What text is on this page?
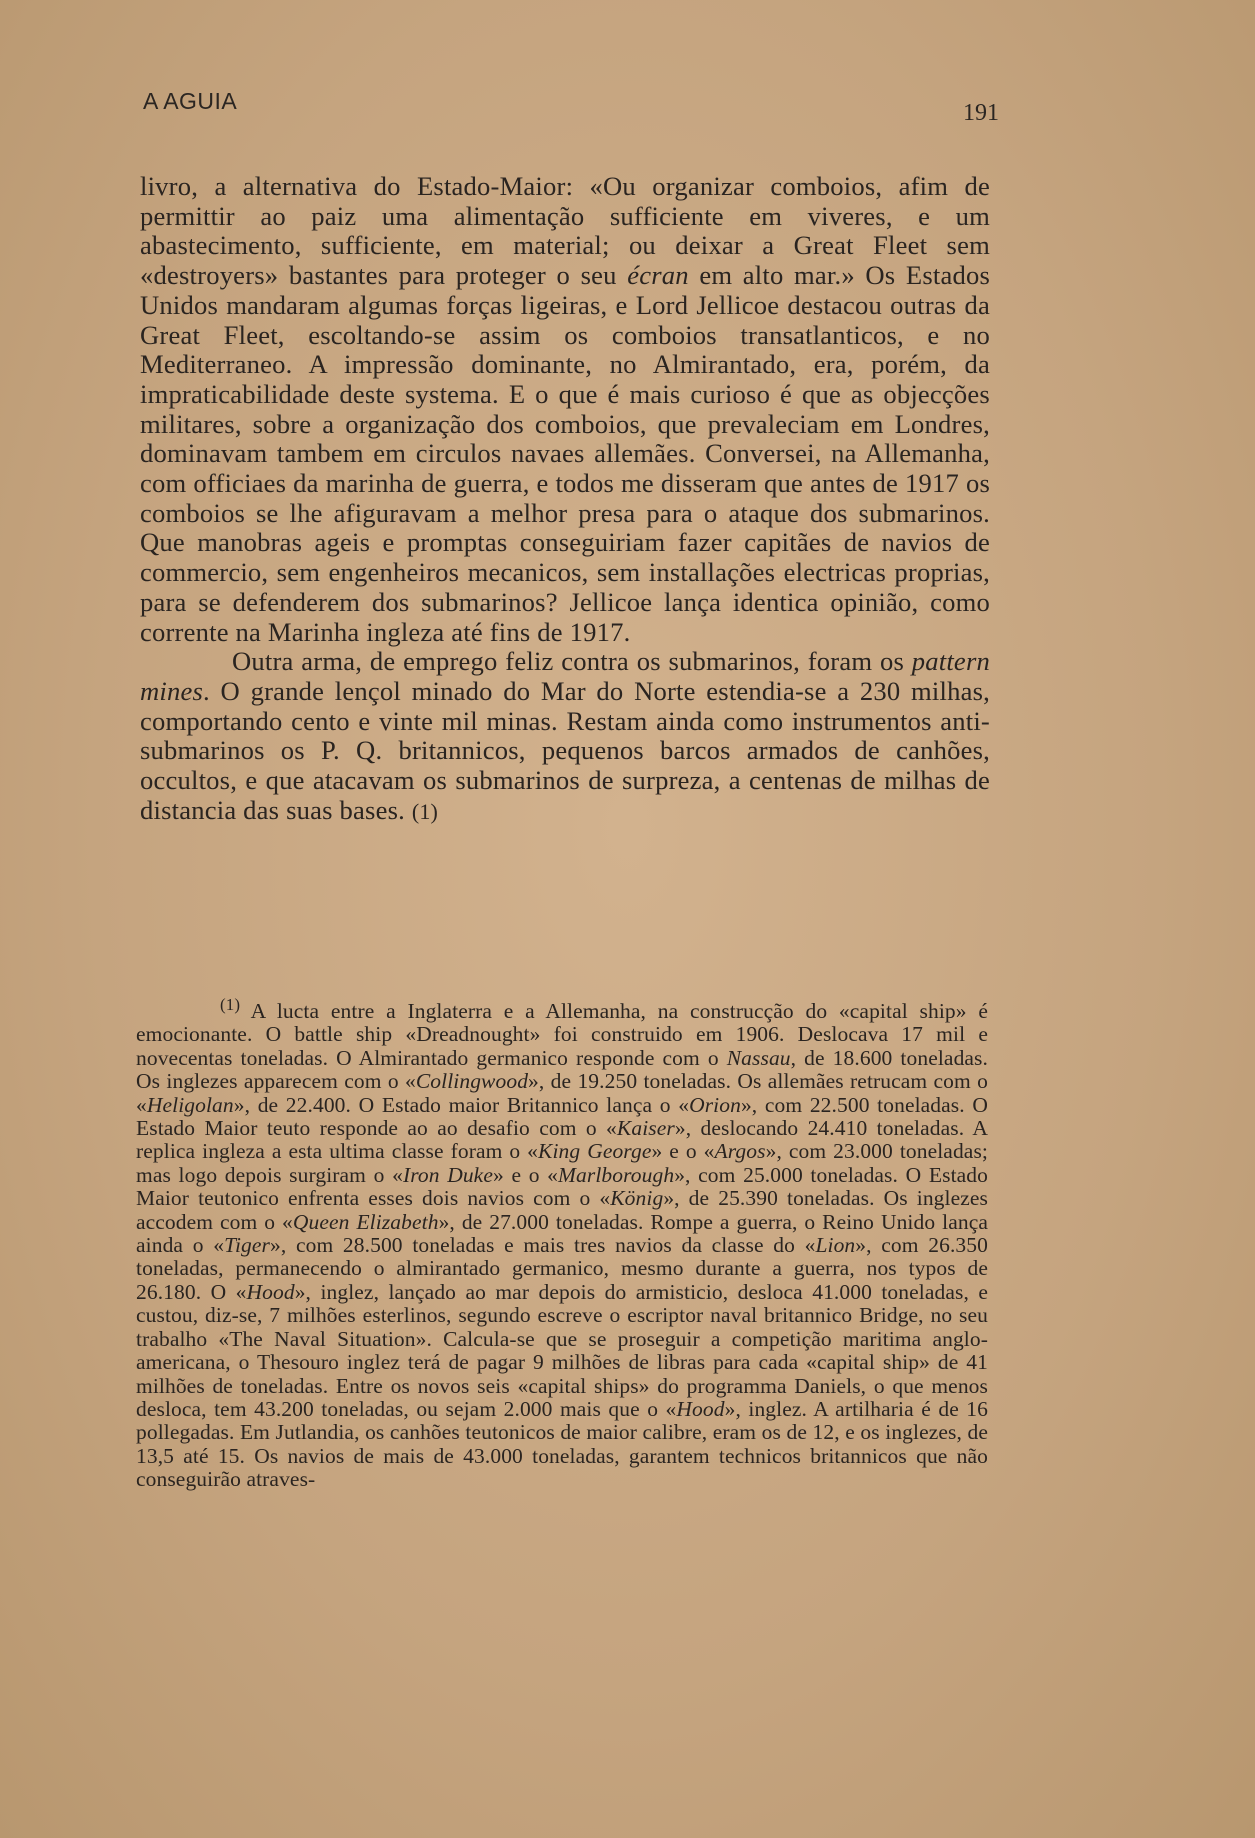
A AGUIA	191

livro, a alternativa do Estado-Maior: «Ou organizar comboios, afim de permittir ao paiz uma alimentação sufficiente em viveres, e um abastecimento, sufficiente, em material; ou deixar a Great Fleet sem «destroyers» bastantes para proteger o seu écran em alto mar.» Os Estados Unidos mandaram algumas forças ligeiras, e Lord Jellicoe destacou outras da Great Fleet, escoltando-se assim os comboios transatlanticos, e no Mediterraneo. A impressão dominante, no Almirantado, era, porém, da impraticabilidade deste systema. E o que é mais curioso é que as objecções militares, sobre a organização dos comboios, que prevaleciam em Londres, dominavam tambem em circulos navaes allemães. Conversei, na Allemanha, com officiaes da marinha de guerra, e todos me disseram que antes de 1917 os comboios se lhe afiguravam a melhor presa para o ataque dos submarinos. Que manobras ageis e promptas conseguiriam fazer capitães de navios de commercio, sem engenheiros mecanicos, sem installações electricas proprias, para se defenderem dos submarinos? Jellicoe lança identica opinião, como corrente na Marinha ingleza até fins de 1917.

Outra arma, de emprego feliz contra os submarinos, foram os pattern mines. O grande lençol minado do Mar do Norte estendia-se a 230 milhas, comportando cento e vinte mil minas. Restam ainda como instrumentos anti-submarinos os P. Q. britannicos, pequenos barcos armados de canhões, occultos, e que atacavam os submarinos de surpreza, a centenas de milhas de distancia das suas bases. (1)

$^{(1)}$ A lucta entre a Inglaterra e a Allemanha, na construcção do «capital ship» é emocionante. O battle ship «Dreadnought» foi construido em 1906. Deslocava 17 mil e novecentas toneladas. O Almirantado germanico responde com o Nassau, de 18.600 toneladas. Os inglezes apparecem com o «Collingwood», de 19.250 toneladas. Os allemães retrucam com o «Heligolan», de 22.400. O Estado maior Britannico lança o «Orion», com 22.500 toneladas. O Estado Maior teuto responde ao ao desafio com o «Kaiser», deslocando 24.410 toneladas. A replica ingleza a esta ultima classe foram o «King George» e o «Argos», com 23.000 toneladas; mas logo depois surgiram o «Iron Duke» e o «Marlborough», com 25.000 toneladas. O Estado Maior teutonico enfrenta esses dois navios com o «König», de 25.390 toneladas. Os inglezes accodem com o «Queen Elizabeth», de 27.000 toneladas. Rompe a guerra, o Reino Unido lança ainda o «Tiger», com 28.500 toneladas e mais tres navios da classe do «Lion», com 26.350 toneladas, permanecendo o almirantado germanico, mesmo durante a guerra, nos typos de 26.180. O «Hood», inglez, lançado ao mar depois do armisticio, desloca 41.000 toneladas, e custou, diz-se, 7 milhões esterlinos, segundo escreve o escriptor naval britannico Bridge, no seu trabalho «The Naval Situation». Calcula-se que se proseguir a competição maritima anglo-americana, o Thesouro inglez terá de pagar 9 milhões de libras para cada «capital ship» de 41 milhões de toneladas. Entre os novos seis «capital ships» do programma Daniels, o que menos desloca, tem 43.200 toneladas, ou sejam 2.000 mais que o «Hood», inglez. A artilharia é de 16 pollegadas. Em Jutlandia, os canhões teutonicos de maior calibre, eram os de 12, e os inglezes, de 13,5 até 15. Os navios de mais de 43.000 toneladas, garantem technicos britannicos que não conseguirão atraves-
